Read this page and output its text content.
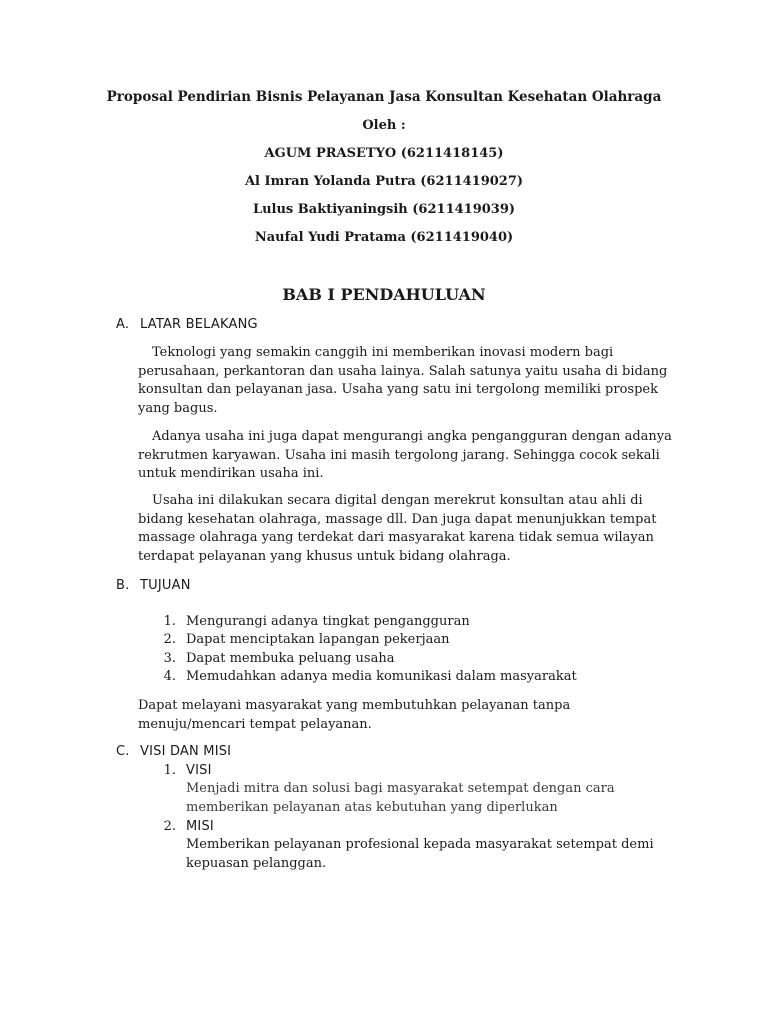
Proposal Pendirian Bisnis Pelayanan Jasa Konsultan Kesehatan Olahraga
Oleh :
AGUM PRASETYO (6211418145)
Al Imran Yolanda Putra (6211419027)
Lulus Baktiyaningsih (6211419039)
Naufal Yudi Pratama (6211419040)
BAB I PENDAHULUAN
A. LATAR BELAKANG

Teknologi yang semakin canggih ini memberikan inovasi modern bagi perusahaan, perkantoran dan usaha lainya. Salah satunya yaitu usaha di bidang konsultan dan pelayanan jasa. Usaha yang satu ini tergolong memiliki prospek yang bagus.

Adanya usaha ini juga dapat mengurangi angka pengangguran dengan adanya rekrutmen karyawan. Usaha ini masih tergolong jarang. Sehingga cocok sekali untuk mendirikan usaha ini.

Usaha ini dilakukan secara digital dengan merekrut konsultan atau ahli di bidang kesehatan olahraga, massage dll. Dan juga dapat menunjukkan tempat massage olahraga yang terdekat dari masyarakat karena tidak semua wilayan terdapat pelayanan yang khusus untuk bidang olahraga.

B. TUJUAN
1. Mengurangi adanya tingkat pengangguran
2. Dapat menciptakan lapangan pekerjaan
3. Dapat membuka peluang usaha
4. Memudahkan adanya media komunikasi dalam masyarakat

Dapat melayani masyarakat yang membutuhkan pelayanan tanpa menuju/mencari tempat pelayanan.

C. VISI DAN MISI
1. VISI

Menjadi mitra dan solusi bagi masyarakat setempat dengan cara memberikan pelayanan atas kebutuhan yang diperlukan

2. MISI

Memberikan pelayanan profesional kepada masyarakat setempat demi kepuasan pelanggan.
